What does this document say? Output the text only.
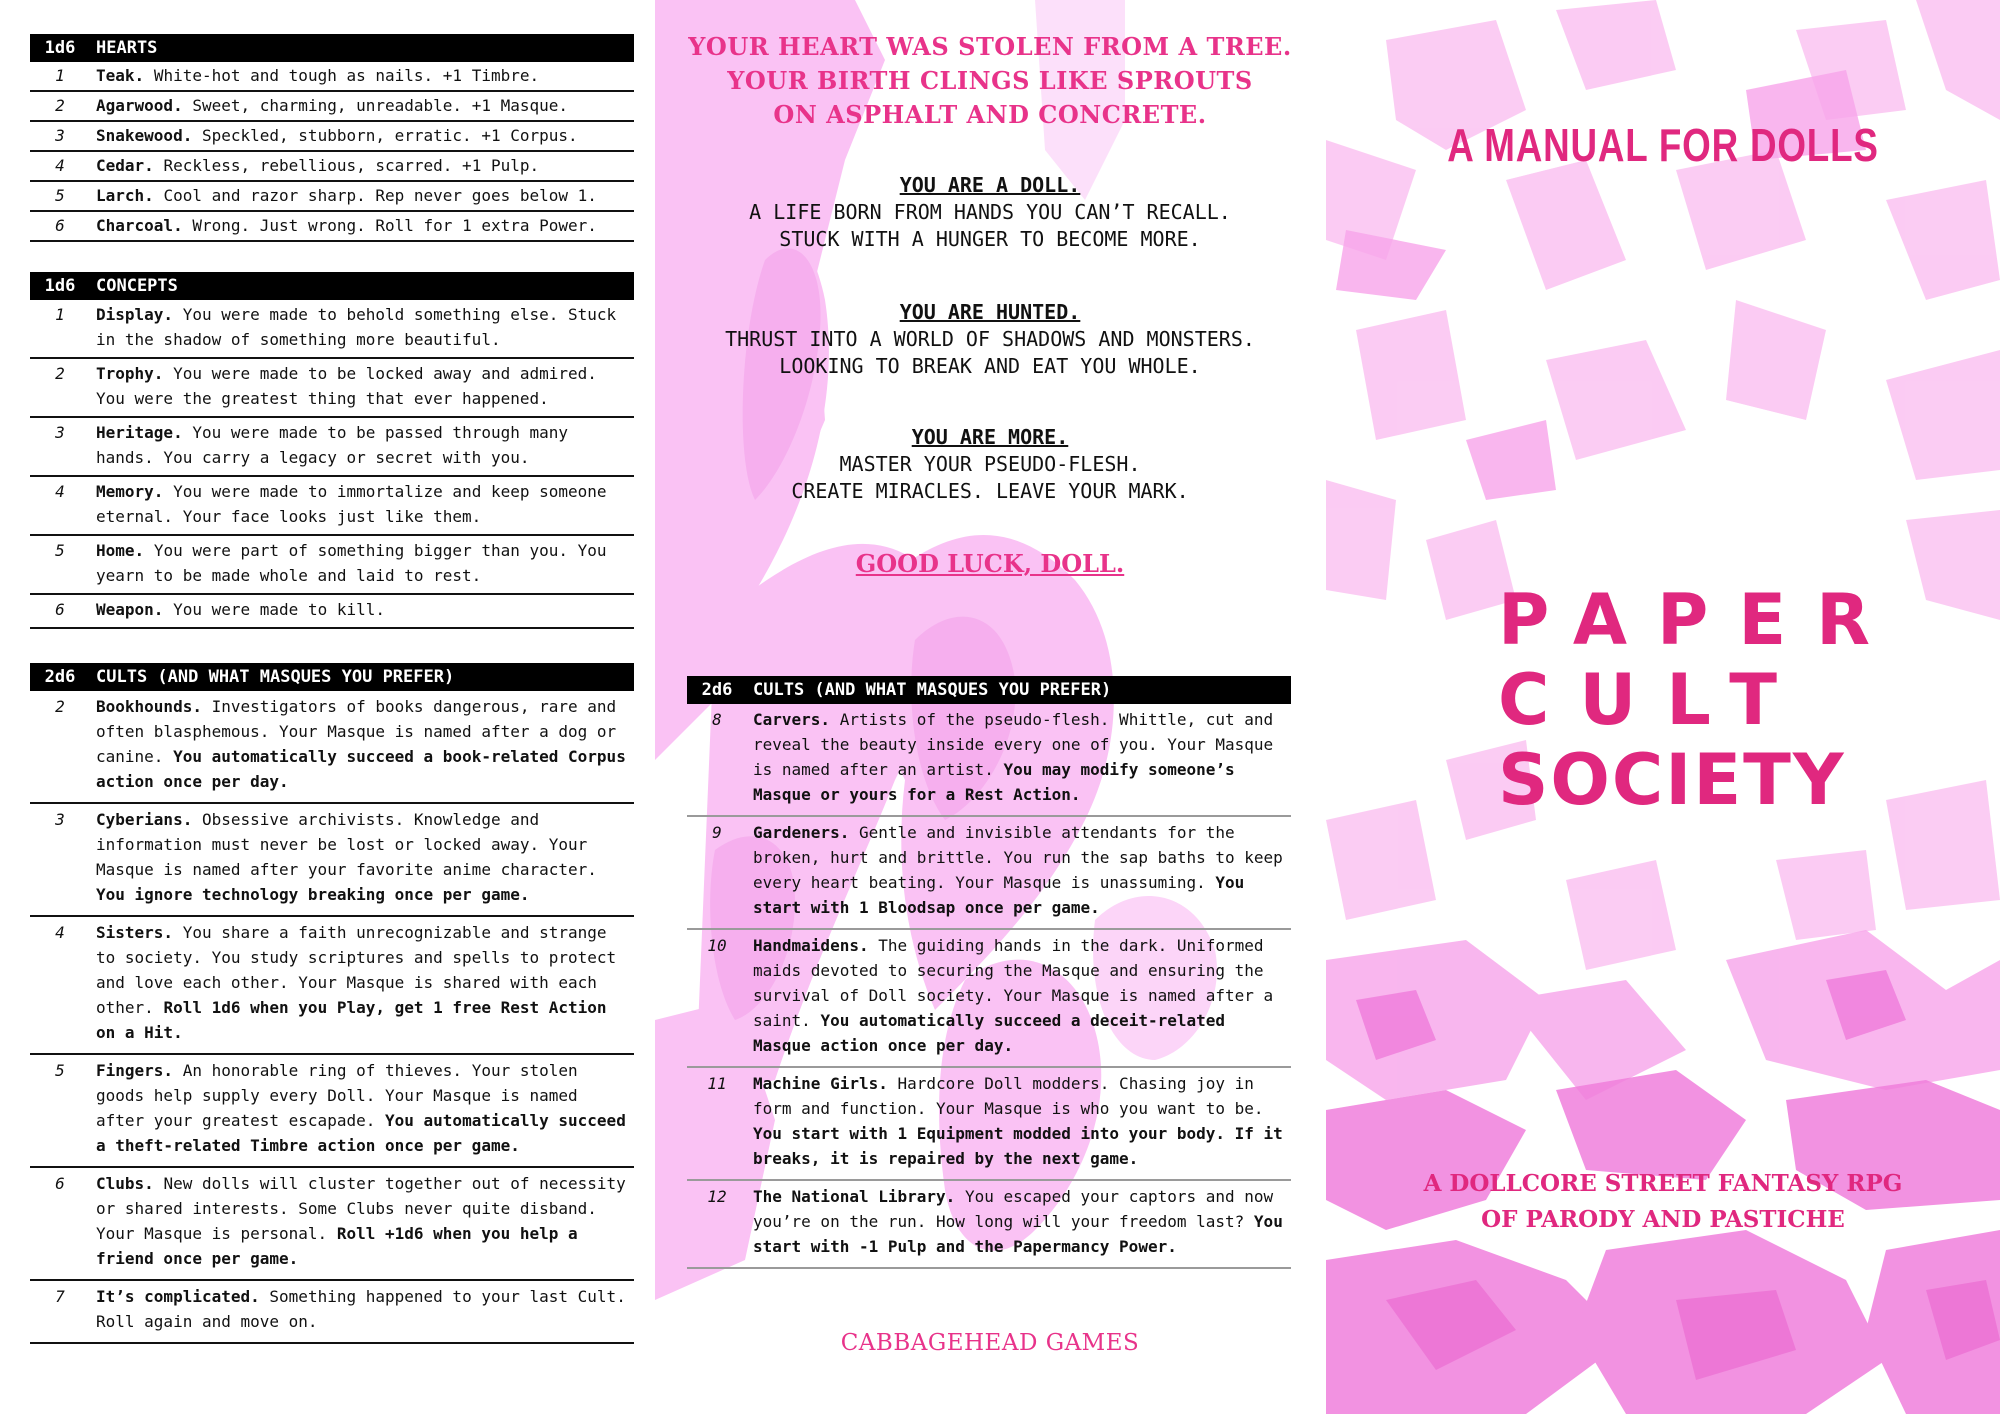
1d6	HEARTS
1	Teak. White-hot and tough as nails. +1 Timbre.
2	Agarwood. Sweet, charming, unreadable. +1 Masque.
3	Snakewood. Speckled, stubborn, erratic. +1 Corpus.
4	Cedar. Reckless, rebellious, scarred. +1 Pulp.
5	Larch. Cool and razor sharp. Rep never goes below 1.
6	Charcoal. Wrong. Just wrong. Roll for 1 extra Power.
1d6	CONCEPTS
1	Display. You were made to behold something else. Stuck in the shadow of something more beautiful.
2	Trophy. You were made to be locked away and admired. You were the greatest thing that ever happened.
3	Heritage. You were made to be passed through many hands. You carry a legacy or secret with you.
4	Memory. You were made to immortalize and keep someone eternal. Your face looks just like them.
5	Home. You were part of something bigger than you. You yearn to be made whole and laid to rest.
6	Weapon. You were made to kill.
2d6	CULTS (AND WHAT MASQUES YOU PREFER)
2	Bookhounds. Investigators of books dangerous, rare and often blasphemous. Your Masque is named after a dog or canine. You automatically succeed a book-related Corpus action once per day.
3	Cyberians. Obsessive archivists. Knowledge and information must never be lost or locked away. Your Masque is named after your favorite anime character. You ignore technology breaking once per game.
4	Sisters. You share a faith unrecognizable and strange to society. You study scriptures and spells to protect and love each other. Your Masque is shared with each other. Roll 1d6 when you Play, get 1 free Rest Action on a Hit.
5	Fingers. An honorable ring of thieves. Your stolen goods help supply every Doll. Your Masque is named after your greatest escapade. You automatically succeed a theft-related Timbre action once per game.
6	Clubs. New dolls will cluster together out of necessity or shared interests. Some Clubs never quite disband. Your Masque is personal. Roll +1d6 when you help a friend once per game.
7	It’s complicated. Something happened to your last Cult. Roll again and move on.

YOUR HEART WAS STOLEN FROM A TREE.

YOUR BIRTH CLINGS LIKE SPROUTS

ON ASPHALT AND CONCRETE.

YOU ARE A DOLL.

A LIFE BORN FROM HANDS YOU CAN’T RECALL.

STUCK WITH A HUNGER TO BECOME MORE.

YOU ARE HUNTED.

THRUST INTO A WORLD OF SHADOWS AND MONSTERS.

LOOKING TO BREAK AND EAT YOU WHOLE.

YOU ARE MORE.

MASTER YOUR PSEUDO-FLESH.

CREATE MIRACLES. LEAVE YOUR MARK.

GOOD LUCK, DOLL.
2d6	CULTS (AND WHAT MASQUES YOU PREFER)
8	Carvers. Artists of the pseudo-flesh. Whittle, cut and reveal the beauty inside every one of you. Your Masque is named after an artist. You may modify someone’s Masque or yours for a Rest Action.
9	Gardeners. Gentle and invisible attendants for the broken, hurt and brittle. You run the sap baths to keep every heart beating. Your Masque is unassuming. You start with 1 Bloodsap once per game.
10	Handmaidens. The guiding hands in the dark. Uniformed maids devoted to securing the Masque and ensuring the survival of Doll society. Your Masque is named after a saint. You automatically succeed a deceit-related Masque action once per day.
11	Machine Girls. Hardcore Doll modders. Chasing joy in form and function. Your Masque is who you want to be. You start with 1 Equipment modded into your body. If it breaks, it is repaired by the next game.
12	The National Library. You escaped your captors and now you’re on the run. How long will your freedom last? You start with -1 Pulp and the Papermancy Power.
CABBAGEHEAD GAMES
A MANUAL FOR DOLLS
PAPER
CULT
SOCIETY
A DOLLCORE STREET FANTASY RPG
OF PARODY AND PASTICHE
